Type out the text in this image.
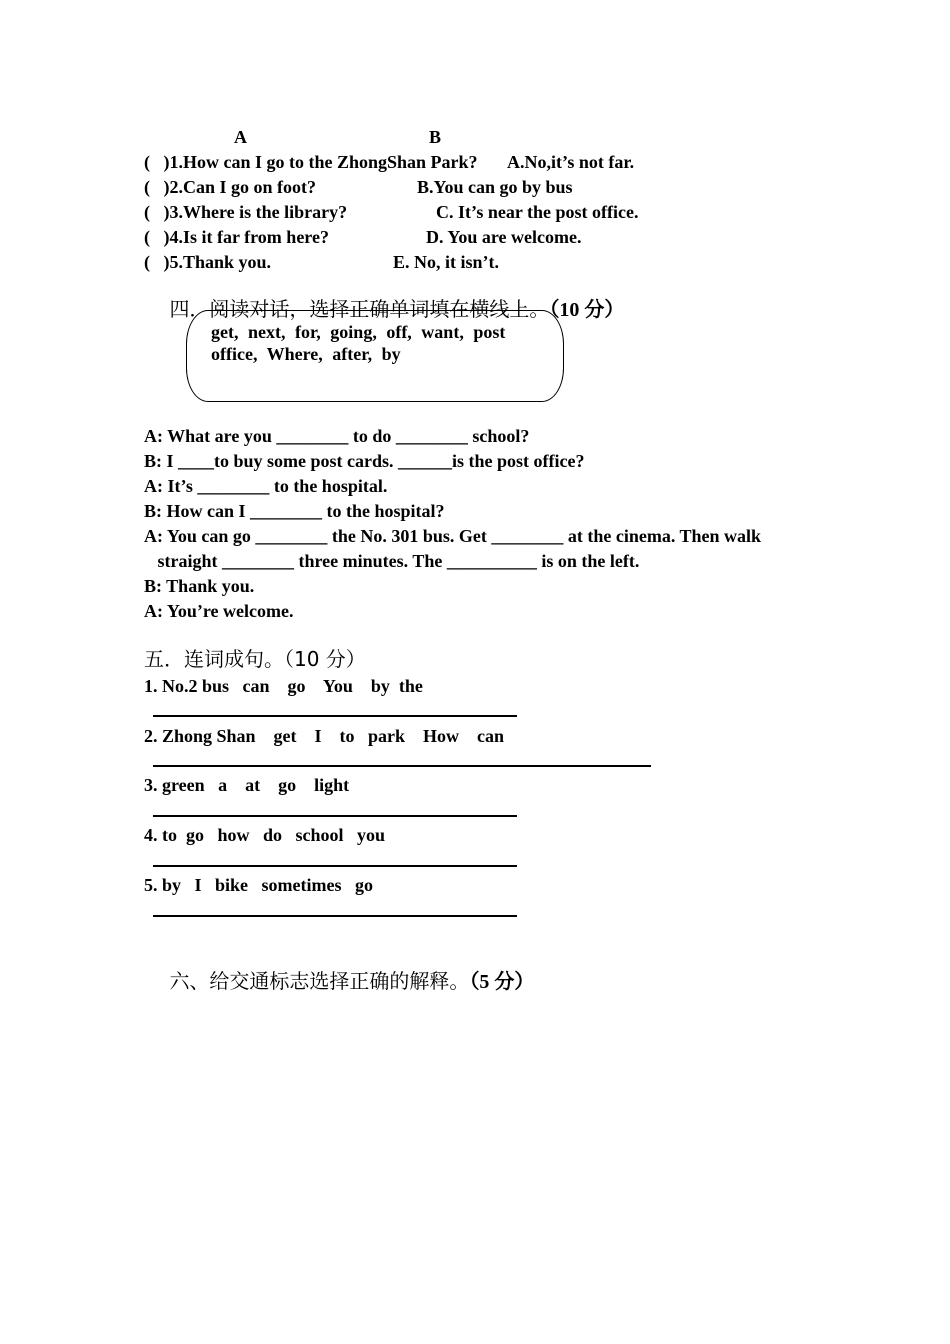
A	B
(   )1.How can I go to the ZhongShan Park? A.No,it’s not far.
(   )2.Can I go on foot?	B.You can go by bus
(   )3.Where is the library?	C. It’s near the post office.
(   )4.Is it far from here?	D. You are welcome.
(   )5.Thank you.	E. No, it isn’t.

四．阅读对话，选择正确单词填在横线上。（10 分）

get, next, for, going, off, want, post office, Where, after, by
A: What are you ________ to do ________ school?
B: I ____to buy some post cards. ______is the post office?
A: It’s ________ to the hospital.
B: How can I ________ to the hospital?
A: You can go ________ the No. 301 bus. Get ________ at the cinema. Then walk
straight ________ three minutes. The __________ is on the left.
B: Thank you.
A: You’re welcome.
五．连词成句。（10 分）
1. No.2 bus   can    go    You    by  the
2. Zhong Shan    get    I    to   park    How    can
3. green   a    at    go    light
4. to  go   how   do   school   you
5. by   I   bike   sometimes   go

六、给交通标志选择正确的解释。（5 分）
